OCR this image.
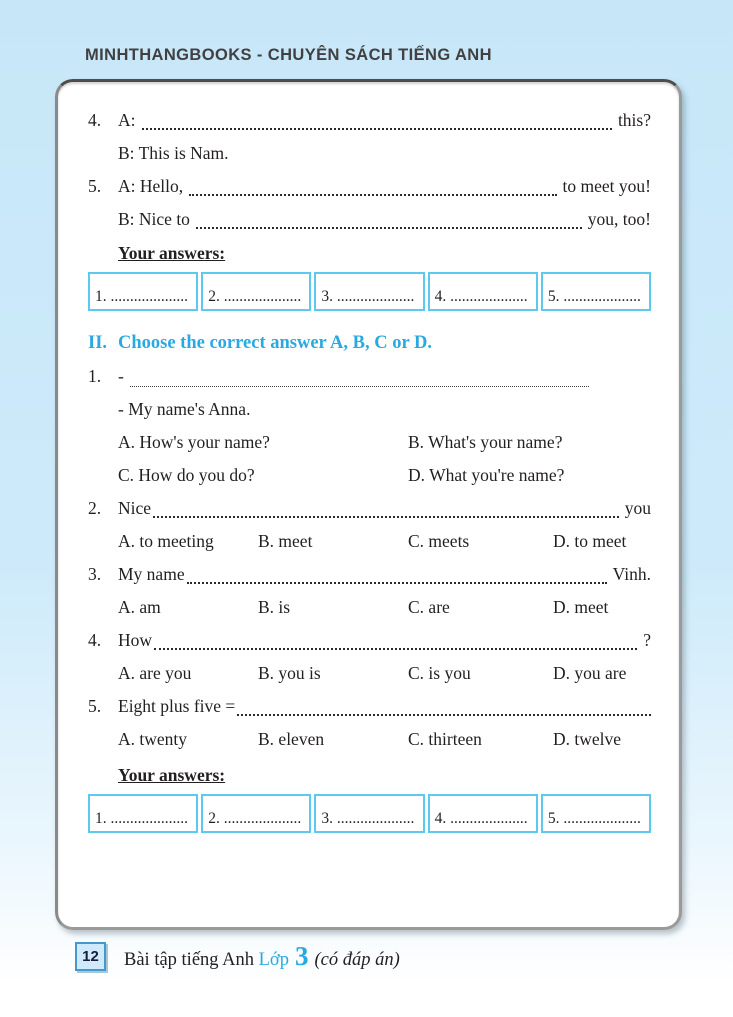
MINHTHANGBOOKS - CHUYÊN SÁCH TIẾNG ANH
4. A:	this?
B: This is Nam.
5. A: Hello,	to meet you!
B: Nice to	you, too!
Your answers:
1. ....................	2. ....................	3. ....................	4. ....................	5. ....................
II. Choose the correct answer A, B, C or D.
1. -
- My name's Anna.
A. How's your name?	B. What's your name?
C. How do you do?	D. What you're name?
2. Nice	you
A. to meeting	B. meet	C. meets	D. to meet
3. My name	Vinh.
A. am	B. is	C. are	D. meet
4. How	?
A. are you	B. you is	C. is you	D. you are
5. Eight plus five =
A. twenty	B. eleven	C. thirteen	D. twelve
Your answers:
1. ....................	2. ....................	3. ....................	4. ....................	5. ....................
12	Bài tập tiếng Anh
Lớp 3 (có đáp án)
